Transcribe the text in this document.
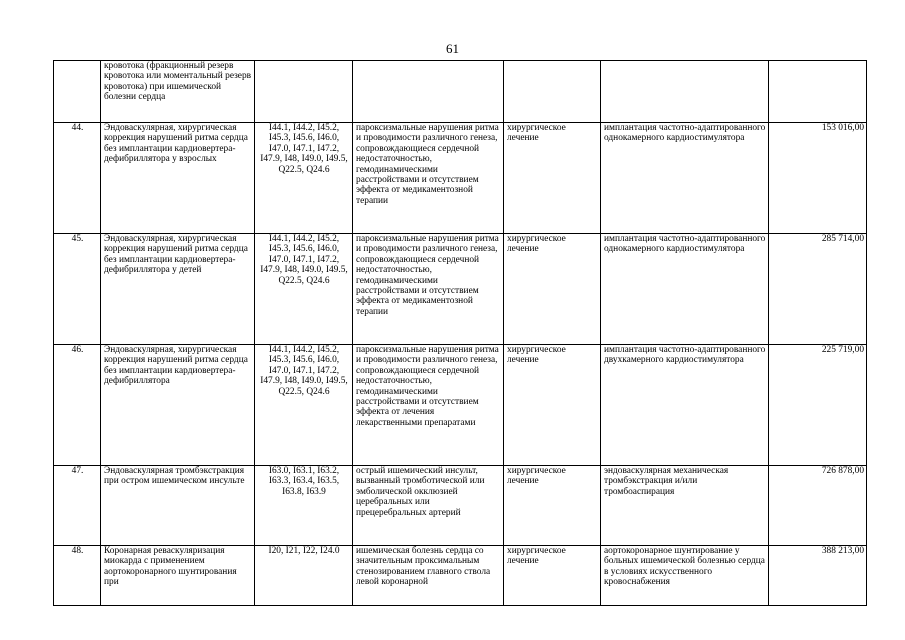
61
	кровотока (фракционный резерв кровотока или моментальный резерв кровотока) при ишемической болезни сердца					
44.	Эндоваскулярная, хирургическая коррекция нарушений ритма сердца без имплантации кардиовертера-дефибриллятора у взрослых	I44.1, I44.2, I45.2, I45.3, I45.6, I46.0, I47.0, I47.1, I47.2, I47.9, I48, I49.0, I49.5, Q22.5, Q24.6	пароксизмальные нарушения ритма и проводимости различного генеза, сопровождающиеся сердечной недостаточностью, гемодинамическими расстройствами и отсутствием эффекта от медикаментозной терапии	хирургическое лечение	имплантация частотно-адаптированного однокамерного кардиостимулятора	153 016,00
45.	Эндоваскулярная, хирургическая коррекция нарушений ритма сердца без имплантации кардиовертера-дефибриллятора у детей	I44.1, I44.2, I45.2, I45.3, I45.6, I46.0, I47.0, I47.1, I47.2, I47.9, I48, I49.0, I49.5, Q22.5, Q24.6	пароксизмальные нарушения ритма и проводимости различного генеза, сопровождающиеся сердечной недостаточностью, гемодинамическими расстройствами и отсутствием эффекта от медикаментозной терапии	хирургическое лечение	имплантация частотно-адаптированного однокамерного кардиостимулятора	285 714,00
46.	Эндоваскулярная, хирургическая коррекция нарушений ритма сердца без имплантации кардиовертера-дефибриллятора	I44.1, I44.2, I45.2, I45.3, I45.6, I46.0, I47.0, I47.1, I47.2, I47.9, I48, I49.0, I49.5, Q22.5, Q24.6	пароксизмальные нарушения ритма и проводимости различного генеза, сопровождающиеся сердечной недостаточностью, гемодинамическими расстройствами и отсутствием эффекта от лечения лекарственными препаратами	хирургическое лечение	имплантация частотно-адаптированного двухкамерного кардиостимулятора	225 719,00
47.	Эндоваскулярная тромбэкстракция при остром ишемическом инсульте	I63.0, I63.1, I63.2, I63.3, I63.4, I63.5, I63.8, I63.9	острый ишемический инсульт, вызванный тромботической или эмболической окклюзией церебральных или прецеребральных артерий	хирургическое лечение	эндоваскулярная механическая тромбэкстракция и/или тромбоаспирация	726 878,00
48.	Коронарная реваскуляризация миокарда с применением аортокоронарного шунтирования при	I20, I21, I22, I24.0	ишемическая болезнь сердца со значительным проксимальным стенозированием главного ствола левой коронарной	хирургическое лечение	аортокоронарное шунтирование у больных ишемической болезнью сердца в условиях искусственного кровоснабжения	388 213,00
